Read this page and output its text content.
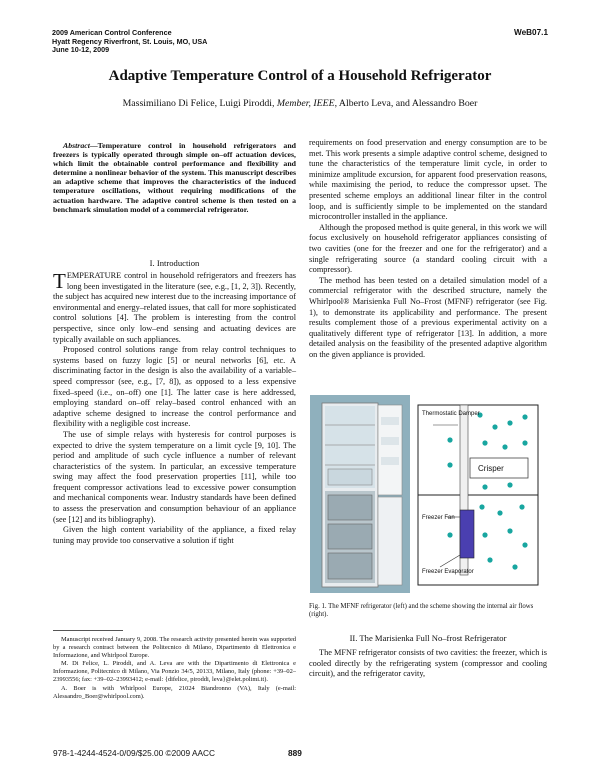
2009 American Control Conference
Hyatt Regency Riverfront, St. Louis, MO, USA
June 10-12, 2009
WeB07.1
Adaptive Temperature Control of a Household Refrigerator
Massimiliano Di Felice, Luigi Piroddi, Member, IEEE, Alberto Leva, and Alessandro Boer
Abstract—Temperature control in household refrigerators and freezers is typically operated through simple on–off actuation devices, which limit the obtainable control performance and flexibility and determine a nonlinear behavior of the system. This manuscript describes an adaptive scheme that improves the characteristics of the induced temperature oscillations, without requiring modifications of the actuation hardware. The adaptive control scheme is then tested on a benchmark simulation model of a commercial refrigerator.
I. Introduction

TEMPERATURE control in household refrigerators and freezers has long been investigated in the literature (see, e.g., [1, 2, 3]). Recently, the subject has acquired new interest due to the increasing importance of environmental and energy–related issues, that call for more sophisticated control solutions [4]. The problem is interesting from the control perspective, since only low–end sensing and actuating devices are typically available on such appliances.

Proposed control solutions range from relay control techniques to systems based on fuzzy logic [5] or neural networks [6], etc. A discriminating factor in the design is also the availability of a variable–speed compressor (see, e.g., [7, 8]), as opposed to a less expensive fixed–speed (i.e., on–off) one [1]. The latter case is here addressed, employing standard on–off relay–based control enhanced with an adaptive scheme designed to increase the control performance and flexibility with a negligible cost increase.

The use of simple relays with hysteresis for control purposes is expected to drive the system temperature on a limit cycle [9, 10]. The period and amplitude of such cycle influence a number of relevant characteristics of the system. In particular, an excessive temperature swing may affect the food preservation properties [11], while too frequent compressor activations lead to excessive power consumption and mechanical components wear. Industry standards have been defined to assess the preservation and consumption behaviour of an appliance (see [12] and its bibliography).

Given the high content variability of the appliance, a fixed relay tuning may provide too conservative a solution if tight

Manuscript received January 9, 2008. The research activity presented herein was supported by a research contract between the Politecnico di Milano, Dipartimento di Elettronica e Informazione, and Whirlpool Europe.

M. Di Felice, L. Piroddi, and A. Leva are with the Dipartimento di Elettronica e Informazione, Politecnico di Milano, Via Ponzio 34/5, 20133, Milano, Italy (phone: +39–02–23993556; fax: +39–02–23993412; e-mail: {difelice, piroddi, leva}@elet.polimi.it).

A. Boer is with Whirlpool Europe, 21024 Biandronno (VA), Italy (e-mail: Alessandro_Boer@whirlpool.com).

requirements on food preservation and energy consumption are to be met. This work presents a simple adaptive control scheme, designed to tune the characteristics of the temperature limit cycle, in order to minimize amplitude excursion, for apparent food preservation reasons, while maximising the period, to reduce the compressor upset. The presented scheme employs an additional linear filter in the control loop, and is sufficiently simple to be implemented on the standard microcontroller installed in the appliance.

Although the proposed method is quite general, in this work we will focus exclusively on household refrigerator appliances consisting of two cavities (one for the freezer and one for the refrigerator) and a single refrigerating source (a standard cooling circuit with a compressor).

The method has been tested on a detailed simulation model of a commercial refrigerator with the described structure, namely the Whirlpool® Marisienka Full No–Frost (MFNF) refrigerator (see Fig. 1), to demonstrate its applicability and performance. The present results complement those of a previous experimental activity on a qualitatively different type of refrigerator [13]. In addition, a more detailed analysis on the feasibility of the presented adaptive algorithm on the given appliance is provided.

Thermostatic Damper
Crisper
Freezer Fan
Freezer Evaporator
Fig. 1. The MFNF refrigerator (left) and the scheme showing the internal air flows (right).
II. The Marisienka Full No–frost Refrigerator

The MFNF refrigerator consists of two cavities: the freezer, which is cooled directly by the refrigerating system (compressor and cooling circuit), and the refrigerator cavity,

978-1-4244-4524-0/09/$25.00 ©2009 AACC	889
